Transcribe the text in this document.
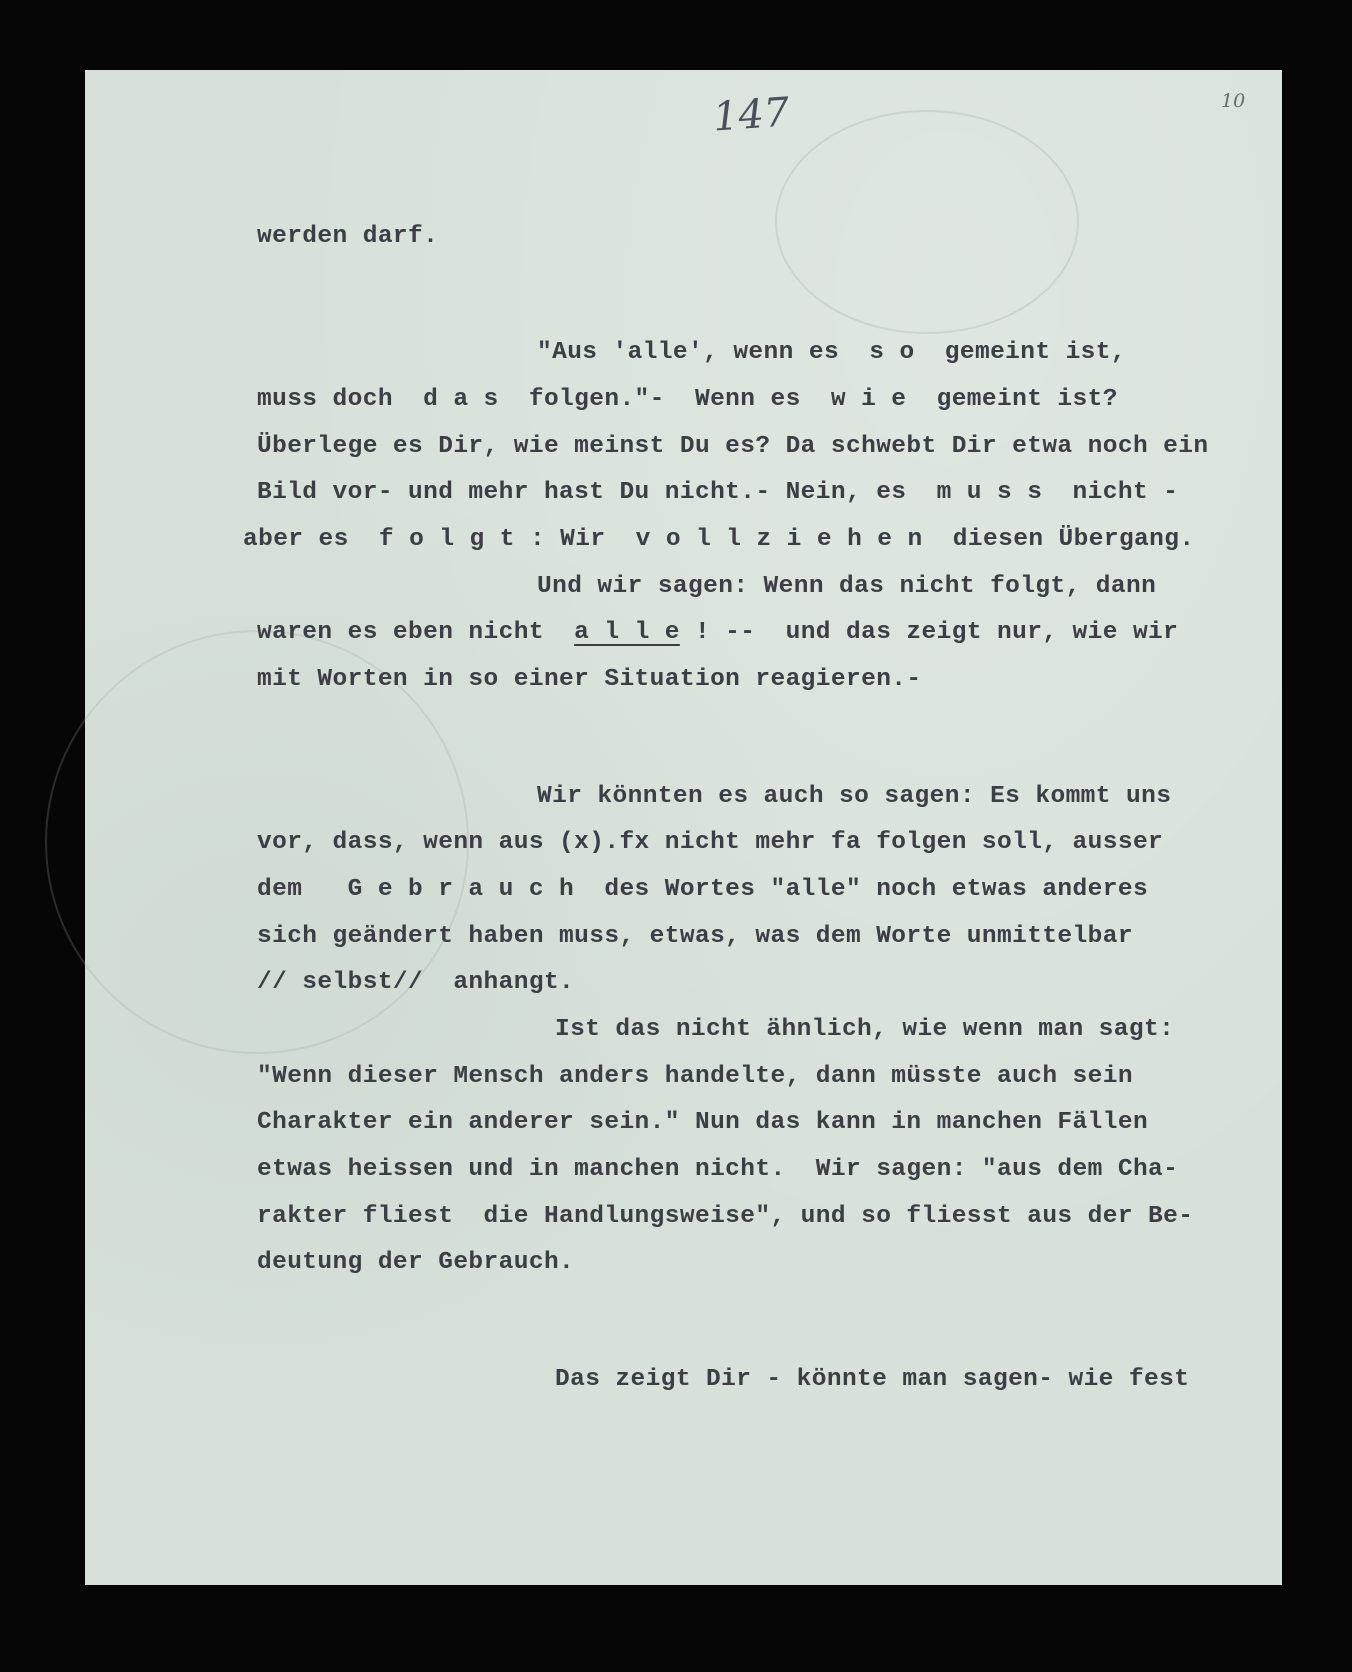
147	10

werden darf.

"Aus 'alle', wenn es  s o  gemeint ist,

muss doch  d a s  folgen."-  Wenn es  w i e  gemeint ist?

Überlege es Dir, wie meinst Du es? Da schwebt Dir etwa noch ein

Bild vor- und mehr hast Du nicht.- Nein, es  m u s s  nicht -

aber es  f o l g t : Wir  v o l l z i e h e n  diesen Übergang.

Und wir sagen: Wenn das nicht folgt, dann

waren es eben nicht  a l l e ! --  und das zeigt nur, wie wir

mit Worten in so einer Situation reagieren.-

Wir könnten es auch so sagen: Es kommt uns

vor, dass, wenn aus (x).fx nicht mehr fa folgen soll, ausser

dem   G e b r a u c h  des Wortes "alle" noch etwas anderes

sich geändert haben muss, etwas, was dem Worte unmittelbar

// selbst//  anhangt.

Ist das nicht ähnlich, wie wenn man sagt:

"Wenn dieser Mensch anders handelte, dann müsste auch sein

Charakter ein anderer sein." Nun das kann in manchen Fällen

etwas heissen und in manchen nicht.  Wir sagen: "aus dem Cha-

rakter fliest  die Handlungsweise", und so fliesst aus der Be-

deutung der Gebrauch.

Das zeigt Dir - könnte man sagen- wie fest
